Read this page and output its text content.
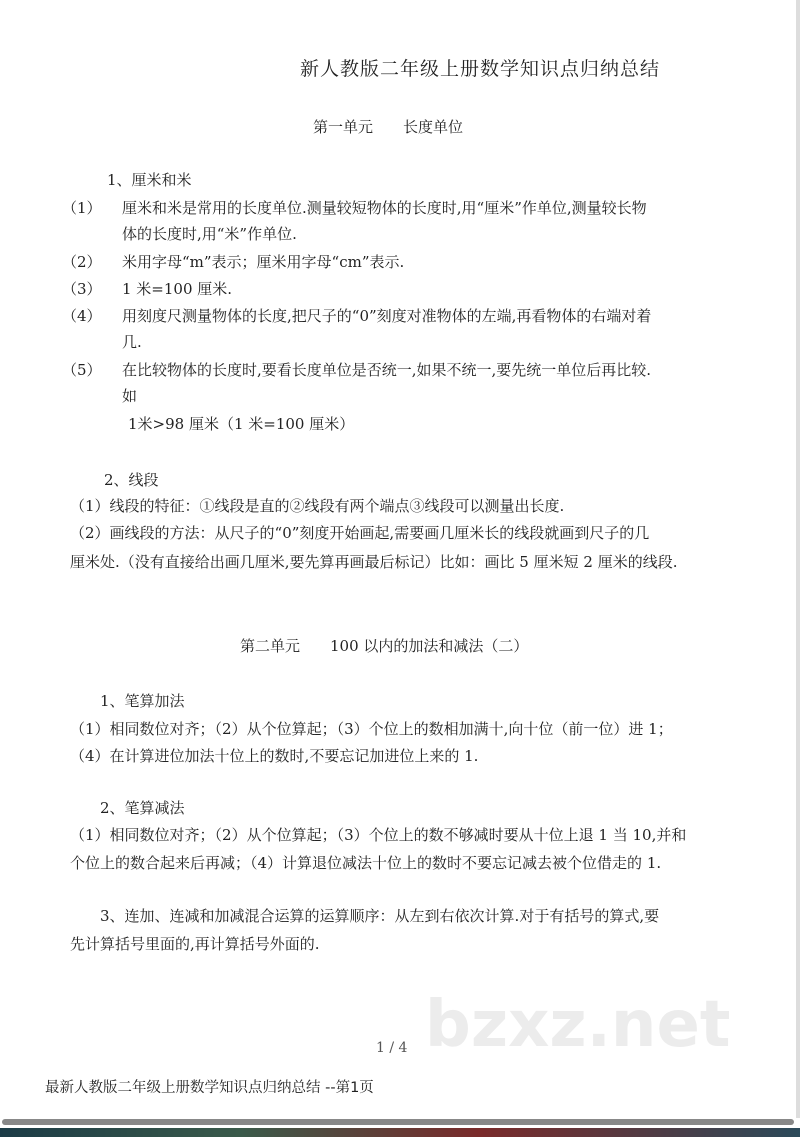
新人教版二年级上册数学知识点归纳总结
第一单元　　长度单位
1、厘米和米
（1） 厘米和米是常用的长度单位.测量较短物体的长度时,用“厘米”作单位,测量较长物
体的长度时,用“米”作单位.
（2） 米用字母“m”表示；厘米用字母“cm”表示.
（3） 1 米=100 厘米.
（4） 用刻度尺测量物体的长度,把尺子的“0”刻度对准物体的左端,再看物体的右端对着
几.
（5） 在比较物体的长度时,要看长度单位是否统一,如果不统一,要先统一单位后再比较.
如
1米>98 厘米（1 米=100 厘米）
2、线段
（1）线段的特征：①线段是直的②线段有两个端点③线段可以测量出长度.
（2）画线段的方法：从尺子的“0”刻度开始画起,需要画几厘米长的线段就画到尺子的几
厘米处.（没有直接给出画几厘米,要先算再画最后标记）比如：画比 5 厘米短 2 厘米的线段.
第二单元　　100 以内的加法和减法（二）
1、笔算加法
（1）相同数位对齐；（2）从个位算起；（3）个位上的数相加满十,向十位（前一位）进 1；
（4）在计算进位加法十位上的数时,不要忘记加进位上来的 1.
2、笔算减法
（1）相同数位对齐；（2）从个位算起；（3）个位上的数不够减时要从十位上退 1 当 10,并和
个位上的数合起来后再减；（4）计算退位减法十位上的数时不要忘记减去被个位借走的 1.
3、连加、连减和加减混合运算的运算顺序：从左到右依次计算.对于有括号的算式,要
先计算括号里面的,再计算括号外面的.
bzxz.net
1 / 4
最新人教版二年级上册数学知识点归纳总结 --第1页
